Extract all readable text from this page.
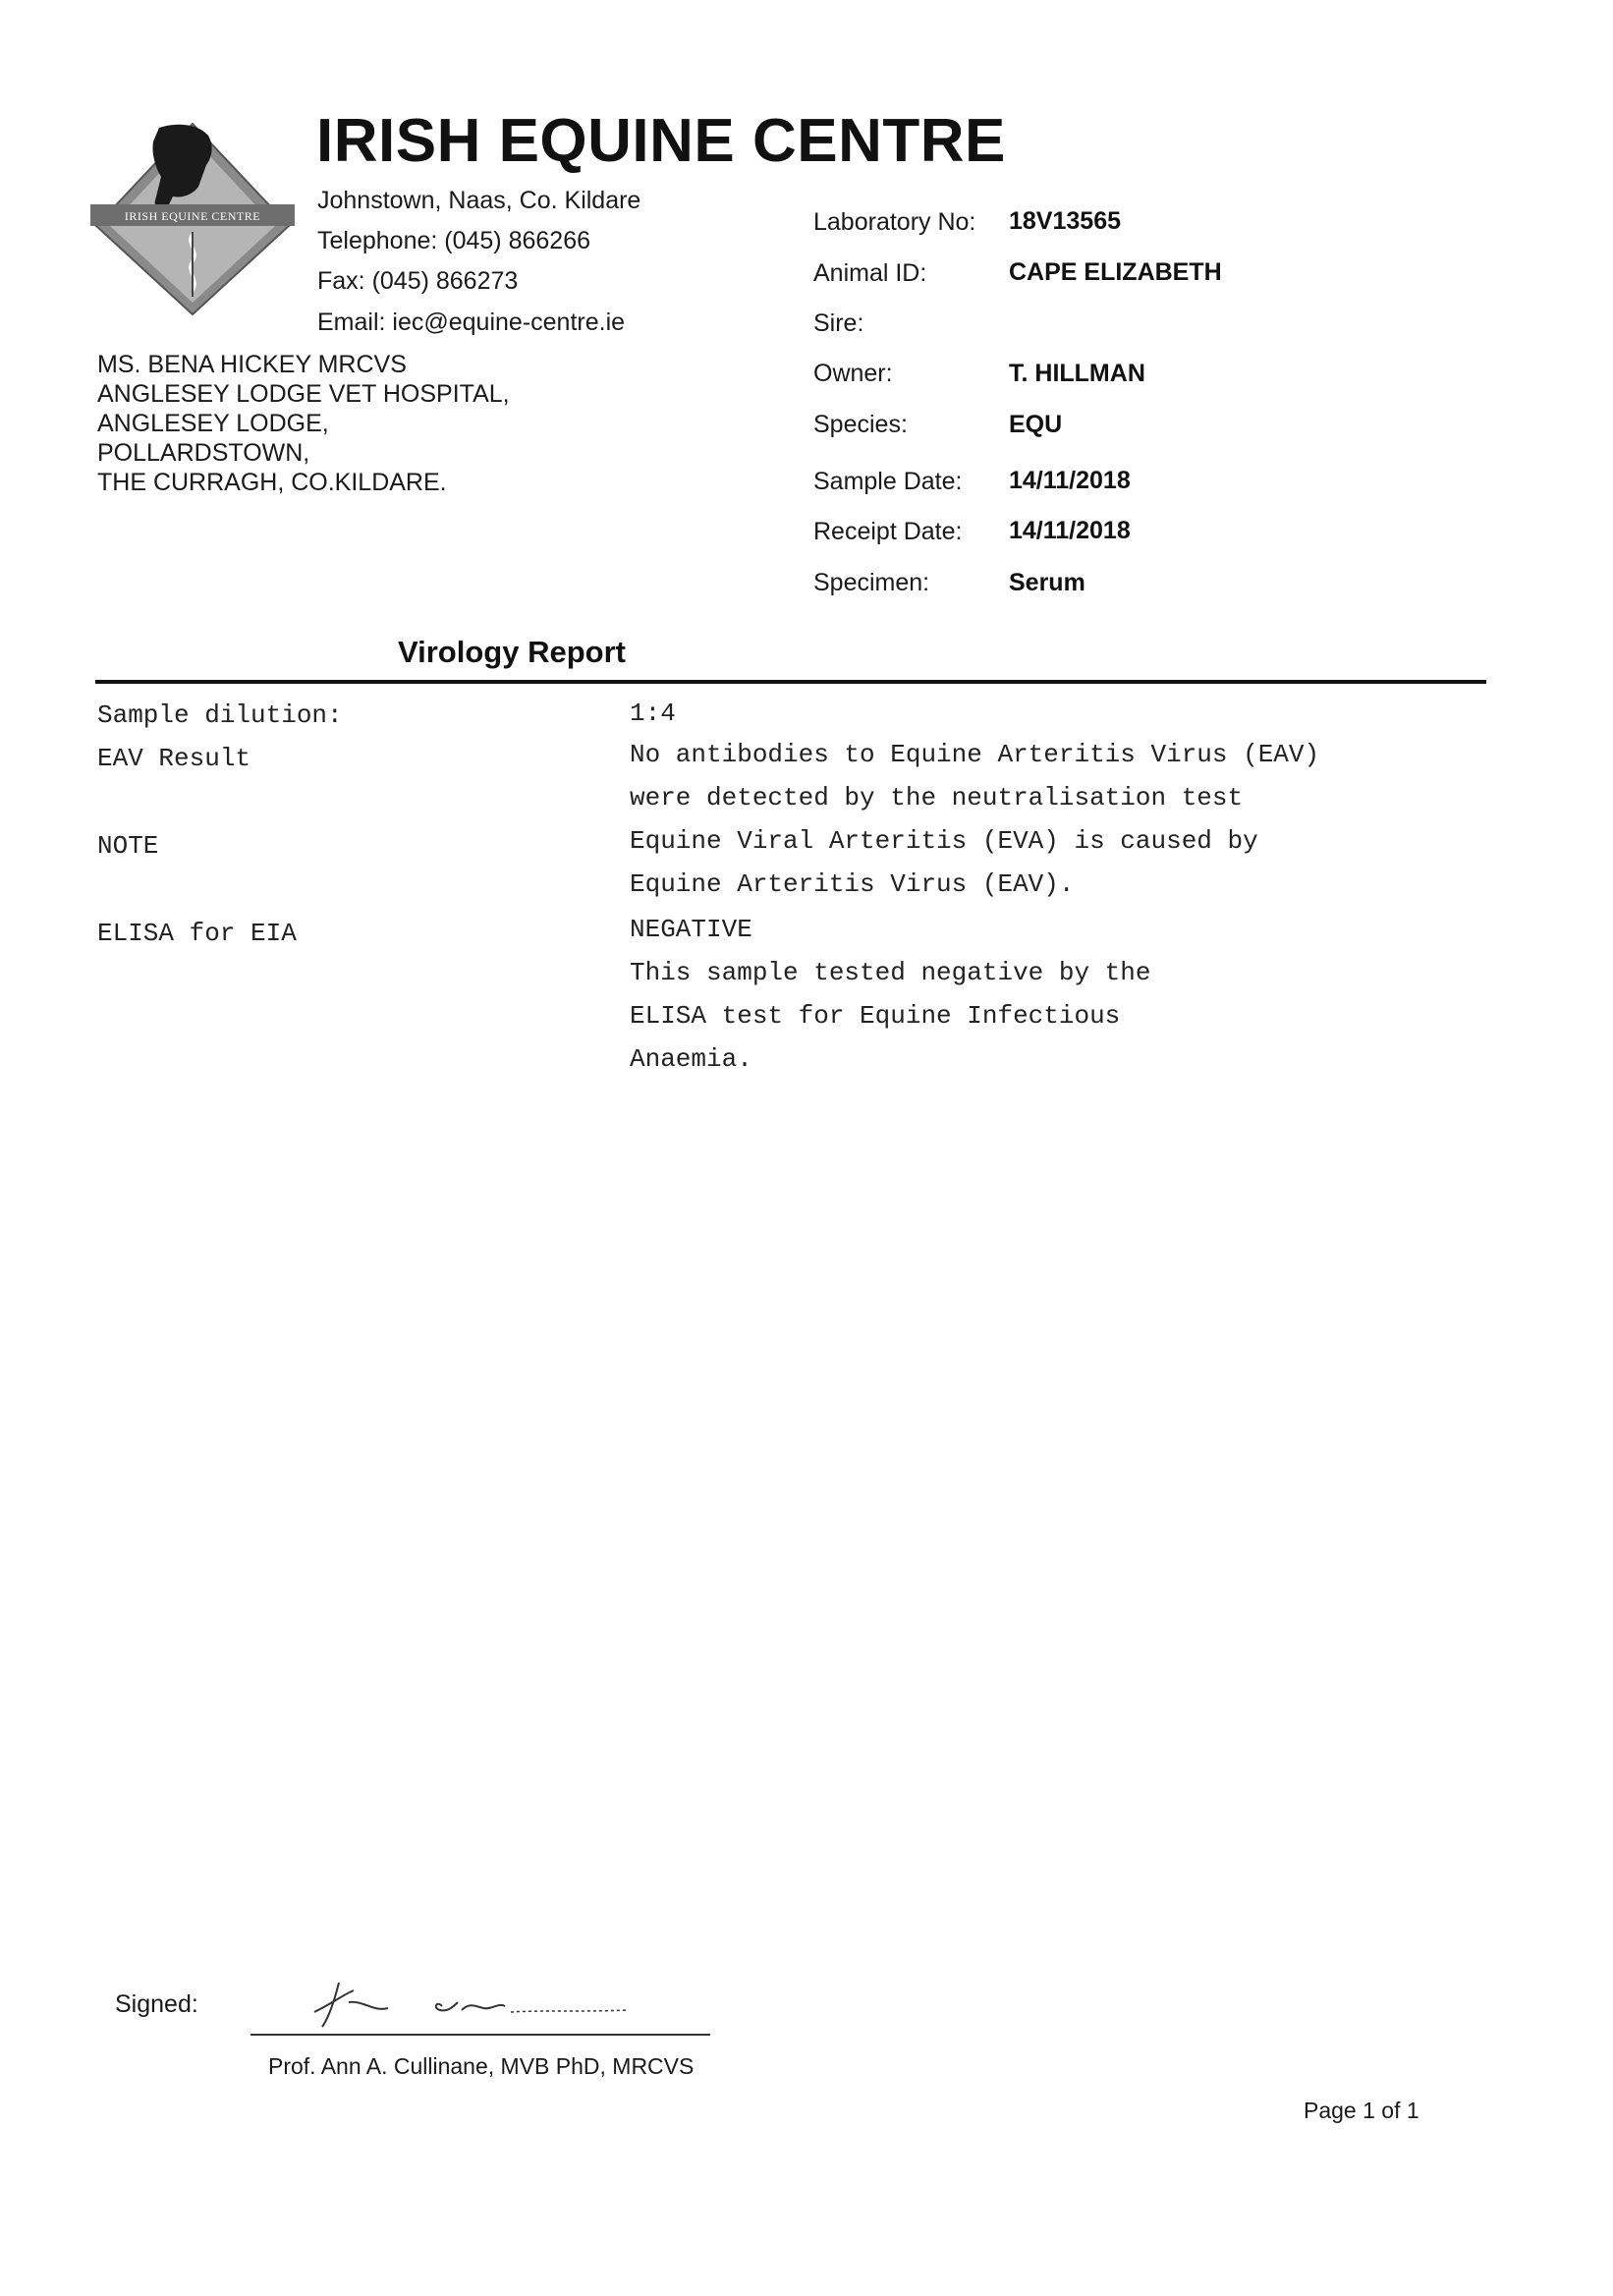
IRISH EQUINE CENTRE
IRISH EQUINE CENTRE
Johnstown, Naas, Co. Kildare
Telephone: (045) 866266
Fax: (045) 866273
Email: iec@equine-centre.ie
MS. BENA HICKEY MRCVS
ANGLESEY LODGE VET HOSPITAL,
ANGLESEY LODGE,
POLLARDSTOWN,
THE CURRAGH, CO.KILDARE.
Laboratory No: 18V13565
Animal ID:	CAPE ELIZABETH
Sire:
Owner:	T. HILLMAN
Species:	EQU
Sample Date: 14/11/2018
Receipt Date: 14/11/2018
Specimen:	Serum
Virology Report
Sample dilution:	1:4
EAV Result	No antibodies to Equine Arteritis Virus (EAV)
were detected by the neutralisation test
NOTE	Equine Viral Arteritis (EVA) is caused by
Equine Arteritis Virus (EAV).
ELISA for EIA	NEGATIVE
This sample tested negative by the
ELISA test for Equine Infectious
Anaemia.
Signed:
Prof. Ann A. Cullinane, MVB PhD, MRCVS
Page 1 of 1
